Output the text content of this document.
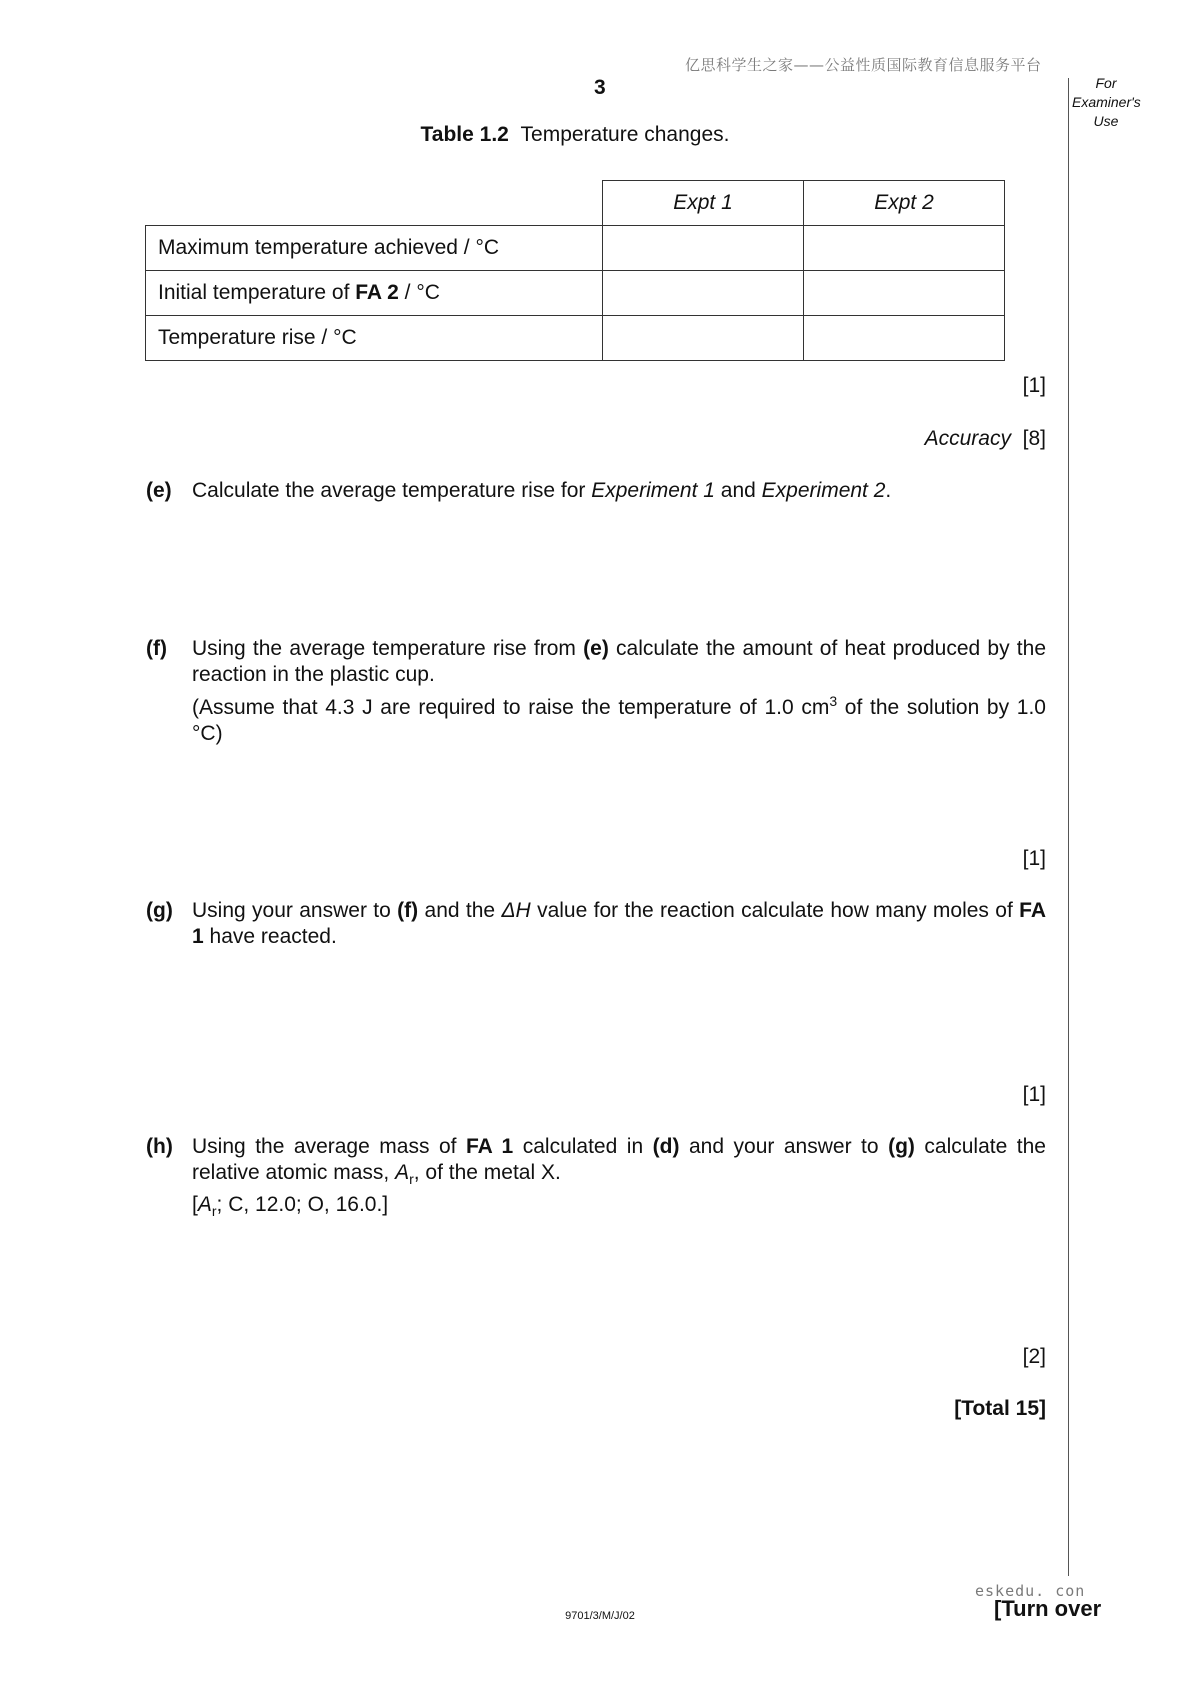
亿思科学生之家——公益性质国际教育信息服务平台
3	For
Examiner's
Use
Table 1.2 Temperature changes.
	Expt 1	Expt 2
Maximum temperature achieved / °C		
Initial temperature of FA 2 / °C		
Temperature rise / °C		
[1]
Accuracy [8]
(e) Calculate the average temperature rise for Experiment 1 and Experiment 2.

(f) Using the average temperature rise from (e) calculate the amount of heat produced by the reaction in the plastic cup.

(Assume that 4.3 J are required to raise the temperature of 1.0 $cm^3$ of the solution by 1.0 °C)

[1]
(g) Using your answer to (f) and the ΔH value for the reaction calculate how many moles of FA 1 have reacted.

[1]
(h) Using the average mass of FA 1 calculated in (d) and your answer to (g) calculate the relative atomic mass, $A_r$, of the metal X.

[$A_r$; C, 12.0; O, 16.0.]

[2]
[Total 15]
eskedu. con
9701/3/M/J/02	[Turn over
